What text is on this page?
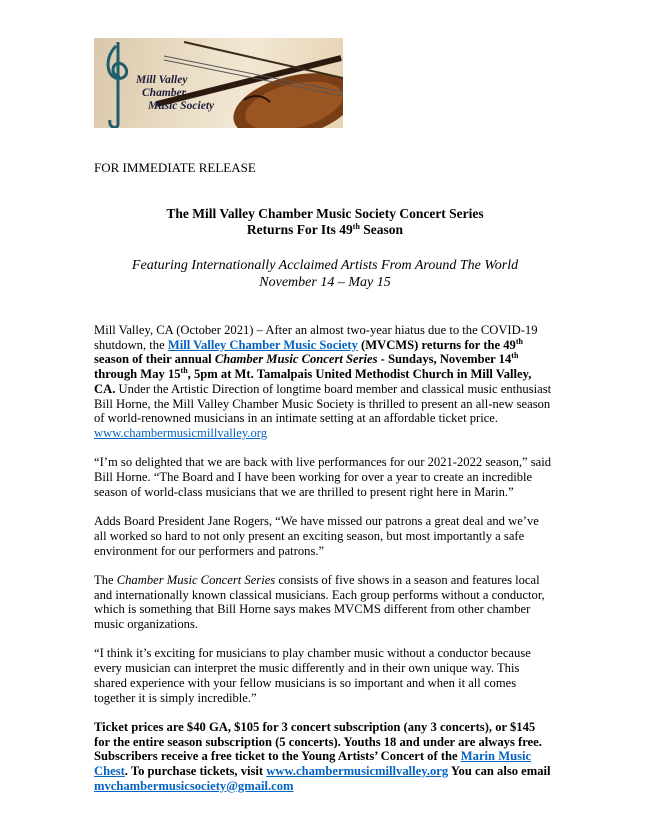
Mill Valley
Chamber
Music Society
FOR IMMEDIATE RELEASE
The Mill Valley Chamber Music Society Concert Series
Returns For Its 49th Season
Featuring Internationally Acclaimed Artists From Around The World
November 14 – May 15

Mill Valley, CA (October 2021) – After an almost two-year hiatus due to the COVID-19 shutdown, the Mill Valley Chamber Music Society (MVCMS) returns for the 49th season of their annual Chamber Music Concert Series - Sundays, November 14th through May 15th, 5pm at Mt. Tamalpais United Methodist Church in Mill Valley, CA. Under the Artistic Direction of longtime board member and classical music enthusiast Bill Horne, the Mill Valley Chamber Music Society is thrilled to present an all-new season of world-renowned musicians in an intimate setting at an affordable ticket price. www.chambermusicmillvalley.org

“I’m so delighted that we are back with live performances for our 2021-2022 season,” said Bill Horne. “The Board and I have been working for over a year to create an incredible season of world-class musicians that we are thrilled to present right here in Marin.”

Adds Board President Jane Rogers, “We have missed our patrons a great deal and we’ve all worked so hard to not only present an exciting season, but most importantly a safe environment for our performers and patrons.”

The Chamber Music Concert Series consists of five shows in a season and features local and internationally known classical musicians. Each group performs without a conductor, which is something that Bill Horne says makes MVCMS different from other chamber music organizations.

“I think it’s exciting for musicians to play chamber music without a conductor because every musician can interpret the music differently and in their own unique way. This shared experience with your fellow musicians is so important and when it all comes together it is simply incredible.”

Ticket prices are $40 GA, $105 for 3 concert subscription (any 3 concerts), or $145 for the entire season subscription (5 concerts). Youths 18 and under are always free. Subscribers receive a free ticket to the Young Artists’ Concert of the Marin Music Chest. To purchase tickets, visit www.chambermusicmillvalley.org You can also email mvchambermusicsociety@gmail.com
